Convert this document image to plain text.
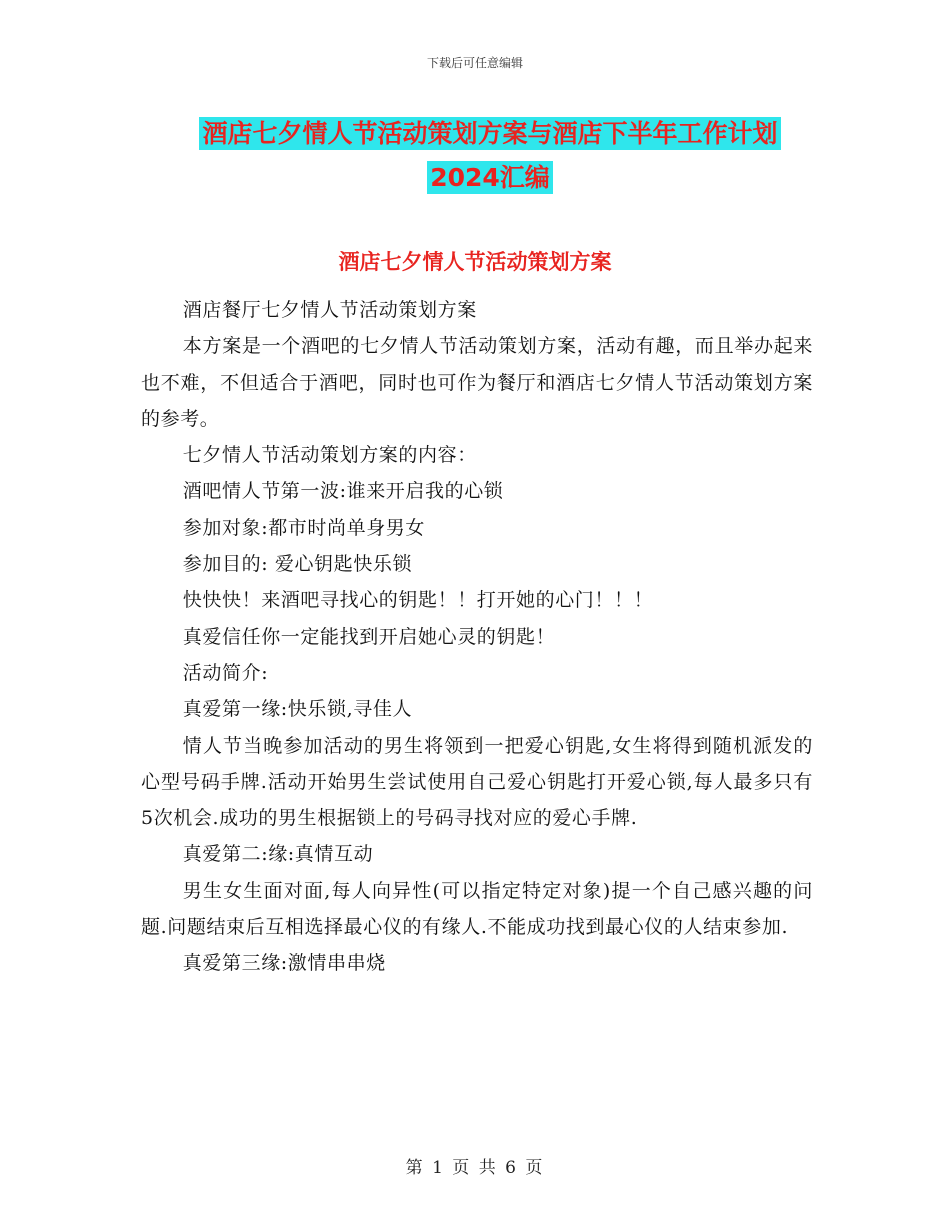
下载后可任意编辑
酒店七夕情人节活动策划方案与酒店下半年工作计划
2024汇编
酒店七夕情人节活动策划方案

酒店餐厅七夕情人节活动策划方案

本方案是一个酒吧的七夕情人节活动策划方案，活动有趣，而且举办起来也不难，不但适合于酒吧，同时也可作为餐厅和酒店七夕情人节活动策划方案的参考。

七夕情人节活动策划方案的内容：

酒吧情人节第一波:谁来开启我的心锁

参加对象:都市时尚单身男女

参加目的: 爱心钥匙快乐锁

快快快！来酒吧寻找心的钥匙！！打开她的心门！！！

真爱信任你一定能找到开启她心灵的钥匙！

活动简介:

真爱第一缘:快乐锁,寻佳人

情人节当晚参加活动的男生将领到一把爱心钥匙,女生将得到随机派发的心型号码手牌.活动开始男生尝试使用自己爱心钥匙打开爱心锁,每人最多只有5次机会.成功的男生根据锁上的号码寻找对应的爱心手牌.

真爱第二:缘:真情互动

男生女生面对面,每人向异性(可以指定特定对象)提一个自己感兴趣的问题.问题结束后互相选择最心仪的有缘人.不能成功找到最心仪的人结束参加.

真爱第三缘:激情串串烧

第 1 页 共 6 页
